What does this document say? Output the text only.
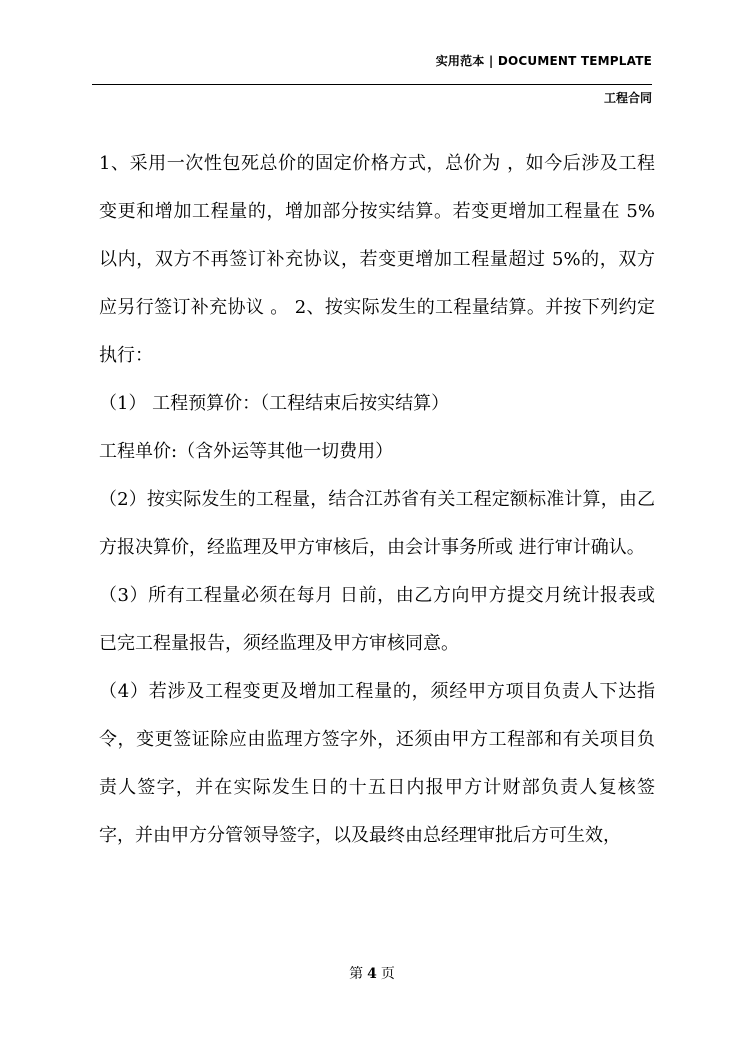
实用范本 | DOCUMENT TEMPLATE
工程合同

1、采用一次性包死总价的固定价格方式，总价为 ，如今后涉及工程变更和增加工程量的，增加部分按实结算。若变更增加工程量在 5%以内，双方不再签订补充协议，若变更增加工程量超过 5%的，双方应另行签订补充协议 。 2、按实际发生的工程量结算。并按下列约定执行：

（1） 工程预算价：（工程结束后按实结算）

工程单价:（含外运等其他一切费用）

（2）按实际发生的工程量，结合江苏省有关工程定额标准计算，由乙方报决算价，经监理及甲方审核后，由会计事务所或 进行审计确认。

（3）所有工程量必须在每月 日前，由乙方向甲方提交月统计报表或已完工程量报告，须经监理及甲方审核同意。

（4）若涉及工程变更及增加工程量的，须经甲方项目负责人下达指令，变更签证除应由监理方签字外，还须由甲方工程部和有关项目负责人签字，并在实际发生日的十五日内报甲方计财部负责人复核签字，并由甲方分管领导签字，以及最终由总经理审批后方可生效，

第 4 页
